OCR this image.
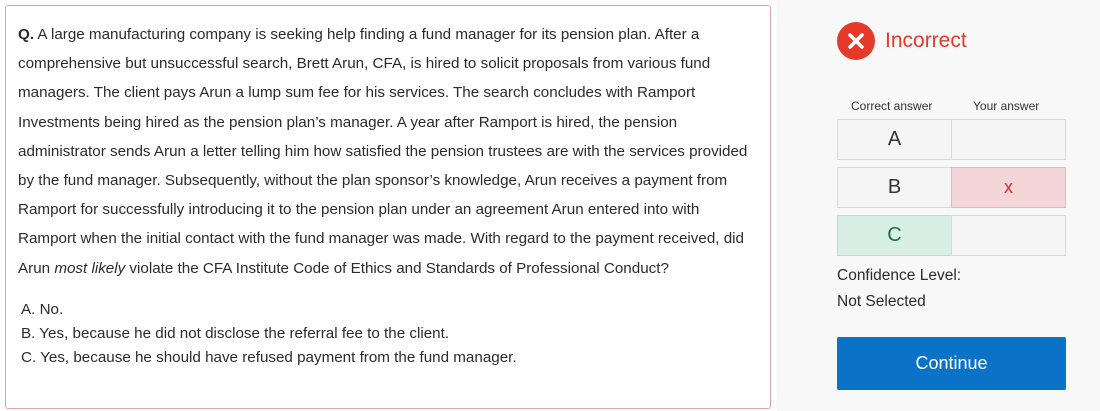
Q. A large manufacturing company is seeking help finding a fund manager for its pension plan. After a comprehensive but unsuccessful search, Brett Arun, CFA, is hired to solicit proposals from various fund managers. The client pays Arun a lump sum fee for his services. The search concludes with Ramport Investments being hired as the pension plan’s manager. A year after Ramport is hired, the pension administrator sends Arun a letter telling him how satisfied the pension trustees are with the services provided by the fund manager. Subsequently, without the plan sponsor’s knowledge, Arun receives a payment from Ramport for successfully introducing it to the pension plan under an agreement Arun entered into with Ramport when the initial contact with the fund manager was made. With regard to the payment received, did Arun most likely violate the CFA Institute Code of Ethics and Standards of Professional Conduct?

A. No.
B. Yes, because he did not disclose the referral fee to the client.
C. Yes, because he should have refused payment from the fund manager.
Incorrect
Correct answer	Your answer
A
B	x
C
Confidence Level:
Not Selected
Continue
